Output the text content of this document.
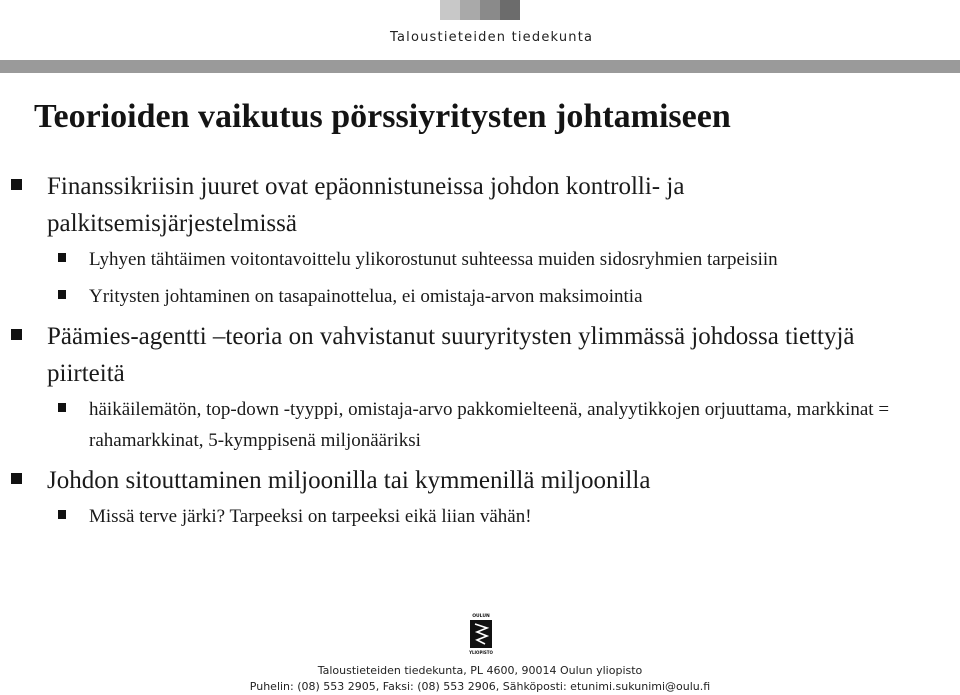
Taloustieteiden tiedekunta
Teorioiden vaikutus pörssiyritysten johtamiseen
Finanssikriisin juuret ovat epäonnistuneissa johdon kontrolli- ja palkitsemisjärjestelmissä
Lyhyen tähtäimen voitontavoittelu ylikorostunut suhteessa muiden sidosryhmien tarpeisiin
Yritysten johtaminen on tasapainottelua, ei omistaja-arvon maksimointia
Päämies-agentti –teoria on vahvistanut suuryritysten ylimmässä johdossa tiettyjä piirteitä
häikäilemätön, top-down -tyyppi, omistaja-arvo pakkomielteenä, analyytikkojen orjuuttama, markkinat = rahamarkkinat, 5-kymppisenä miljonääriksi
Johdon sitouttaminen miljoonilla tai kymmenillä miljoonilla
Missä terve järki? Tarpeeksi on tarpeeksi eikä liian vähän!
OULUN
YLIOPISTO
Taloustieteiden tiedekunta, PL 4600, 90014 Oulun yliopisto
Puhelin: (08) 553 2905, Faksi: (08) 553 2906, Sähköposti: etunimi.sukunimi@oulu.fi
